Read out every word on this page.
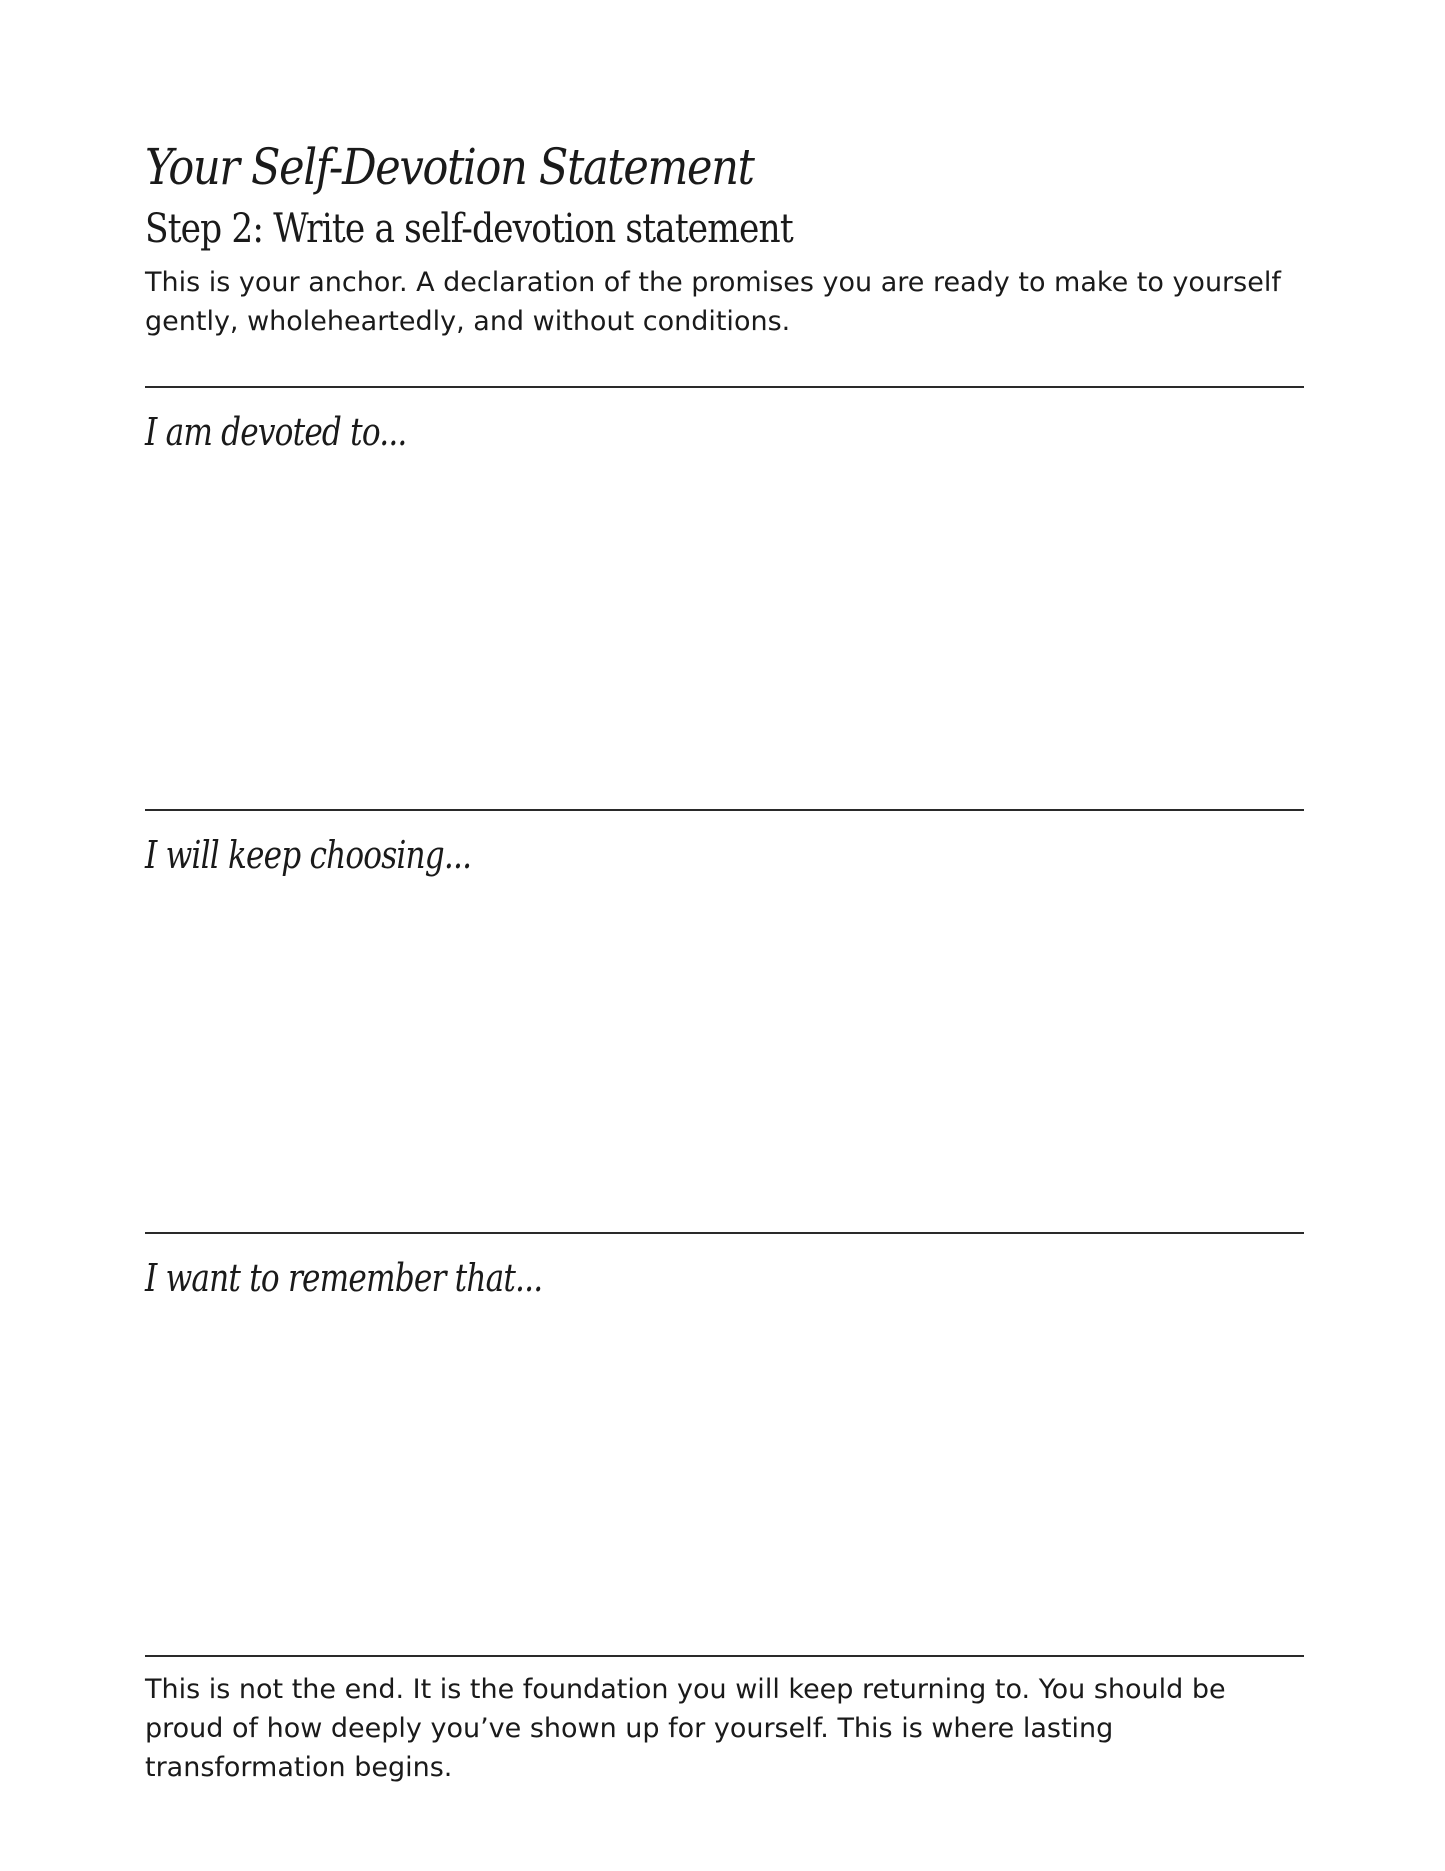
Your Self-Devotion Statement
Step 2: Write a self-devotion statement

This is your anchor. A declaration of the promises you are ready to make to yourself gently, wholeheartedly, and without conditions.

I am devoted to...

I will keep choosing...

I want to remember that...

This is not the end. It is the foundation you will keep returning to. You should be proud of how deeply you’ve shown up for yourself. This is where lasting transformation begins.
